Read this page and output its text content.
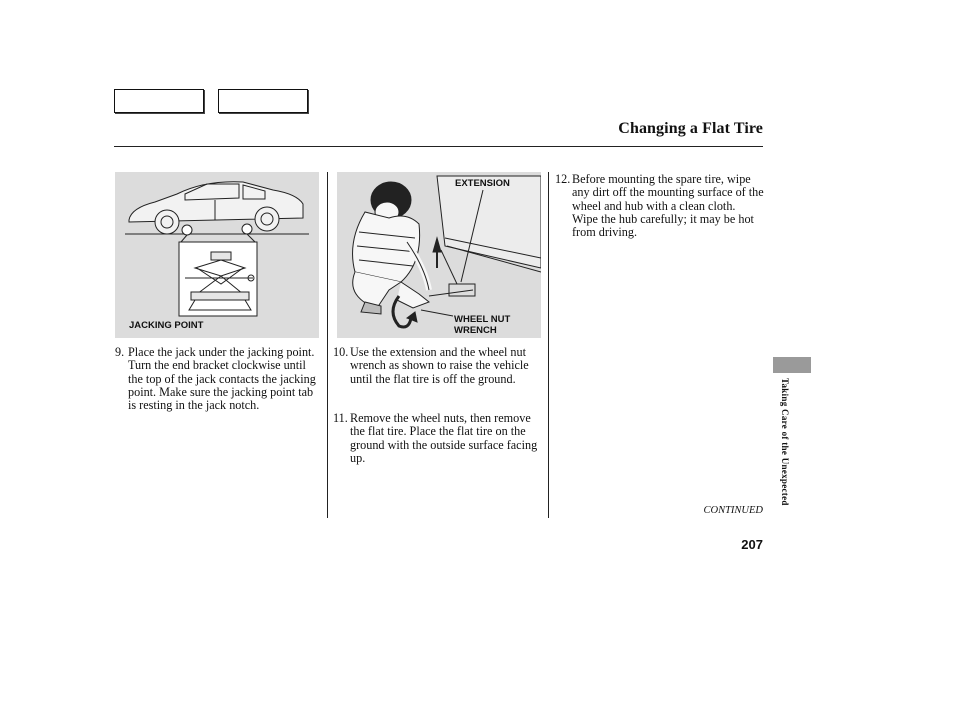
Changing a Flat Tire
JACKING POINT
EXTENSION
WHEEL NUT
WRENCH
9. Place the jack under the jacking point. Turn the end bracket clockwise until the top of the jack contacts the jacking point. Make sure the jacking point tab is resting in the jack notch.
10. Use the extension and the wheel nut wrench as shown to raise the vehicle until the flat tire is off the ground.
11. Remove the wheel nuts, then remove the flat tire. Place the flat tire on the ground with the outside surface facing up.
12. Before mounting the spare tire, wipe any dirt off the mounting surface of the wheel and hub with a clean cloth. Wipe the hub carefully; it may be hot from driving.
CONTINUED
207
Taking Care of the Unexpected
